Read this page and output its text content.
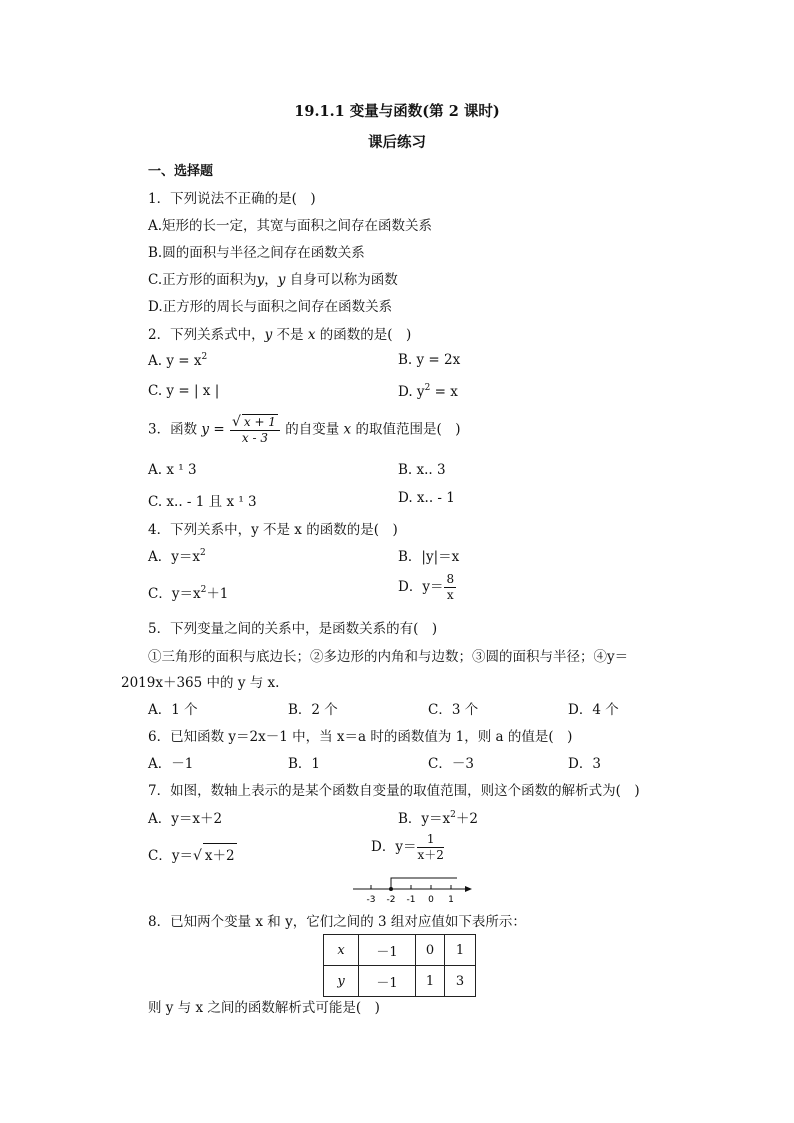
19.1.1 变量与函数(第 2 课时)
课后练习
一、选择题
1．下列说法不正确的是(　)
A.矩形的长一定，其宽与面积之间存在函数关系
B.圆的面积与半径之间存在函数关系
C.正方形的面积为y，y 自身可以称为函数
D.正方形的周长与面积之间存在函数关系
2．下列关系式中，y 不是 x 的函数的是(　)
A. $y = x^2$	B. y = 2x
C. y = | x |	D. $y^2 = x$
3．函数 $y = \frac{√ x + 1}{x - 3}$ 的自变量 x 的取值范围是(　)
A. x ¹ 3	B. x.. 3
C. x.. - 1 且 x ¹ 3	D. x.. - 1
4．下列关系中，y 不是 x 的函数的是(　)
A．$y=x^2$	B．|y|＝x
C．$y=x^2+1$	D．$y= \frac{8}{x}$
5．下列变量之间的关系中，是函数关系的有(　)
①三角形的面积与底边长；②多边形的内角和与边数；③圆的面积与半径；④y＝
2019x＋365 中的 y 与 x.
A．1 个	B．2 个	C．3 个	D．4 个
6．已知函数 y＝2x－1 中，当 x＝a 时的函数值为 1，则 a 的值是(　)
A．－1	B．1	C．－3	D．3
7．如图，数轴上表示的是某个函数自变量的取值范围，则这个函数的解析式为(　)
A．y＝x＋2	B．$y=x^2+2$
C．y＝√ x＋2
D．$y= \frac{1}{x+2}$
-3 -2 -1 0 1
8．已知两个变量 x 和 y，它们之间的 3 组对应值如下表所示：
x	－1	0	1
y	－1	1	3
则 y 与 x 之间的函数解析式可能是(　)
